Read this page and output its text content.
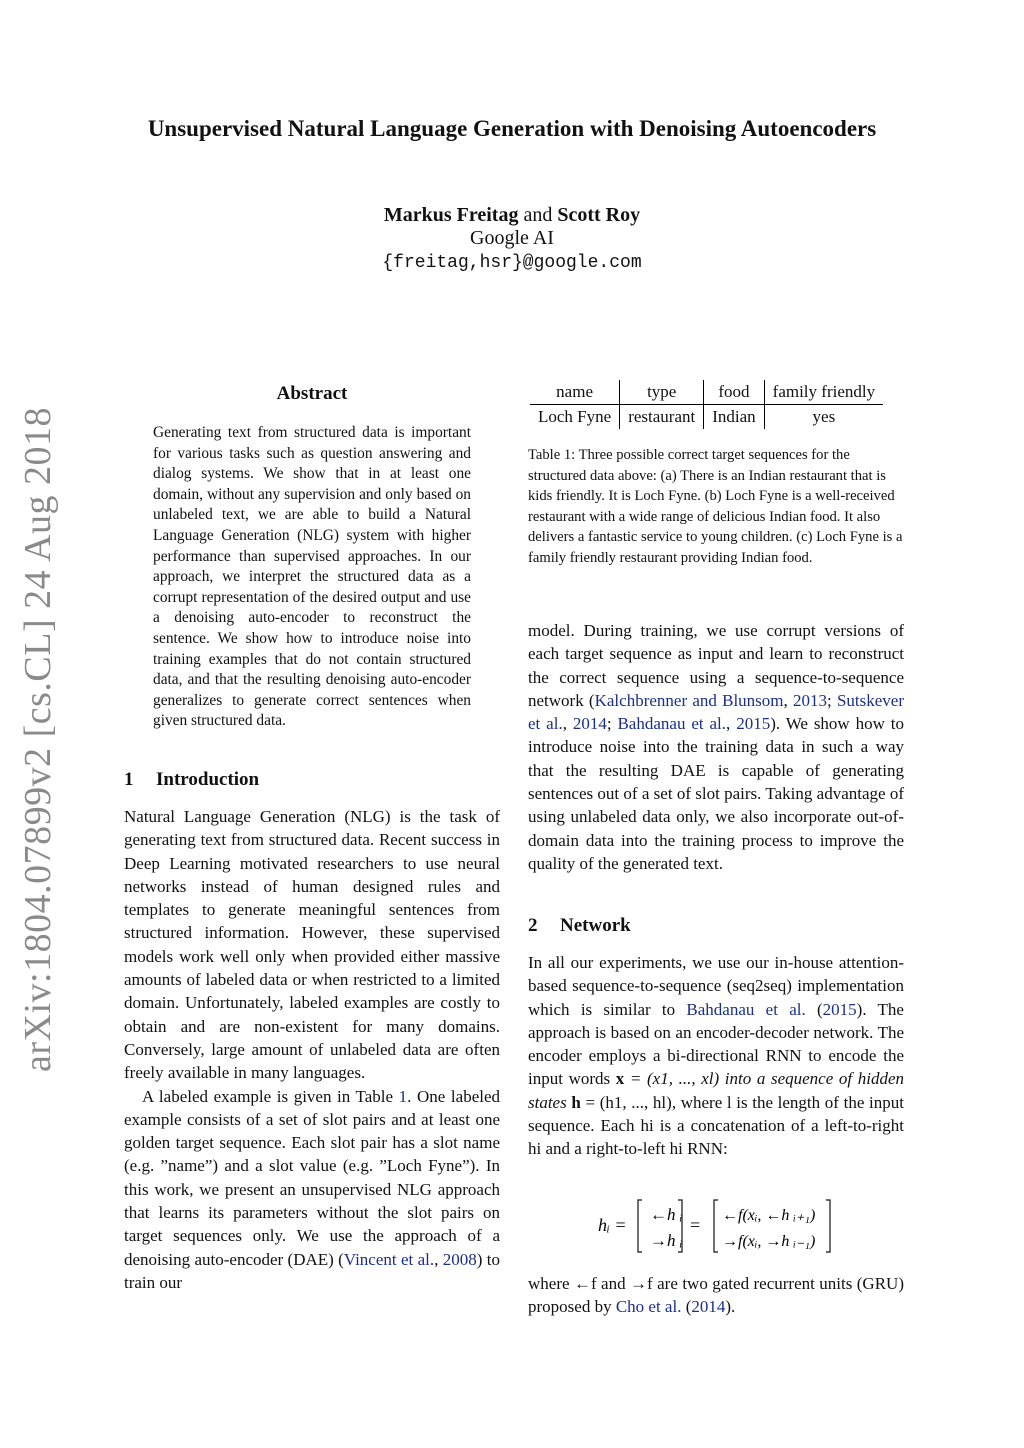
arXiv:1804.07899v2 [cs.CL] 24 Aug 2018
Unsupervised Natural Language Generation with Denoising Autoencoders
Markus Freitag and Scott Roy
Google AI
{freitag,hsr}@google.com
Abstract
Generating text from structured data is important for various tasks such as question answering and dialog systems. We show that in at least one domain, without any supervision and only based on unlabeled text, we are able to build a Natural Language Generation (NLG) system with higher performance than supervised approaches. In our approach, we interpret the structured data as a corrupt representation of the desired output and use a denoising auto-encoder to reconstruct the sentence. We show how to introduce noise into training examples that do not contain structured data, and that the resulting denoising auto-encoder generalizes to generate correct sentences when given structured data.
1 Introduction

Natural Language Generation (NLG) is the task of generating text from structured data. Recent success in Deep Learning motivated researchers to use neural networks instead of human designed rules and templates to generate meaningful sentences from structured information. However, these supervised models work well only when provided either massive amounts of labeled data or when restricted to a limited domain. Unfortunately, labeled examples are costly to obtain and are non-existent for many domains. Conversely, large amount of unlabeled data are often freely available in many languages.

A labeled example is given in Table 1. One labeled example consists of a set of slot pairs and at least one golden target sequence. Each slot pair has a slot name (e.g. ”name”) and a slot value (e.g. ”Loch Fyne”). In this work, we present an unsupervised NLG approach that learns its parameters without the slot pairs on target sequences only. We use the approach of a denoising auto-encoder (DAE) (Vincent et al., 2008) to train our

name	type	food	family friendly
Loch Fyne	restaurant	Indian	yes
Table 1: Three possible correct target sequences for the structured data above: (a) There is an Indian restaurant that is kids friendly. It is Loch Fyne. (b) Loch Fyne is a well-received restaurant with a wide range of delicious Indian food. It also delivers a fantastic service to young children. (c) Loch Fyne is a family friendly restaurant providing Indian food.

model. During training, we use corrupt versions of each target sequence as input and learn to reconstruct the correct sequence using a sequence-to-sequence network (Kalchbrenner and Blunsom, 2013; Sutskever et al., 2014; Bahdanau et al., 2015). We show how to introduce noise into the training data in such a way that the resulting DAE is capable of generating sentences out of a set of slot pairs. Taking advantage of using unlabeled data only, we also incorporate out-of-domain data into the training process to improve the quality of the generated text.

2 Network

In all our experiments, we use our in-house attention-based sequence-to-sequence (seq2seq) implementation which is similar to Bahdanau et al. (2015). The approach is based on an encoder-decoder network. The encoder employs a bi-directional RNN to encode the input words x = (x1, ..., xl) into a sequence of hidden states h = (h1, ..., hl), where l is the length of the input sequence. Each hi is a concatenation of a left-to-right hi and a right-to-left hi RNN:

hᵢ =
←h ᵢ
→h ᵢ
= ←f(xᵢ, ←h ᵢ₊₁)
→f(xᵢ, →h ᵢ₋₁)

where ←f and →f are two gated recurrent units (GRU) proposed by Cho et al. (2014).
